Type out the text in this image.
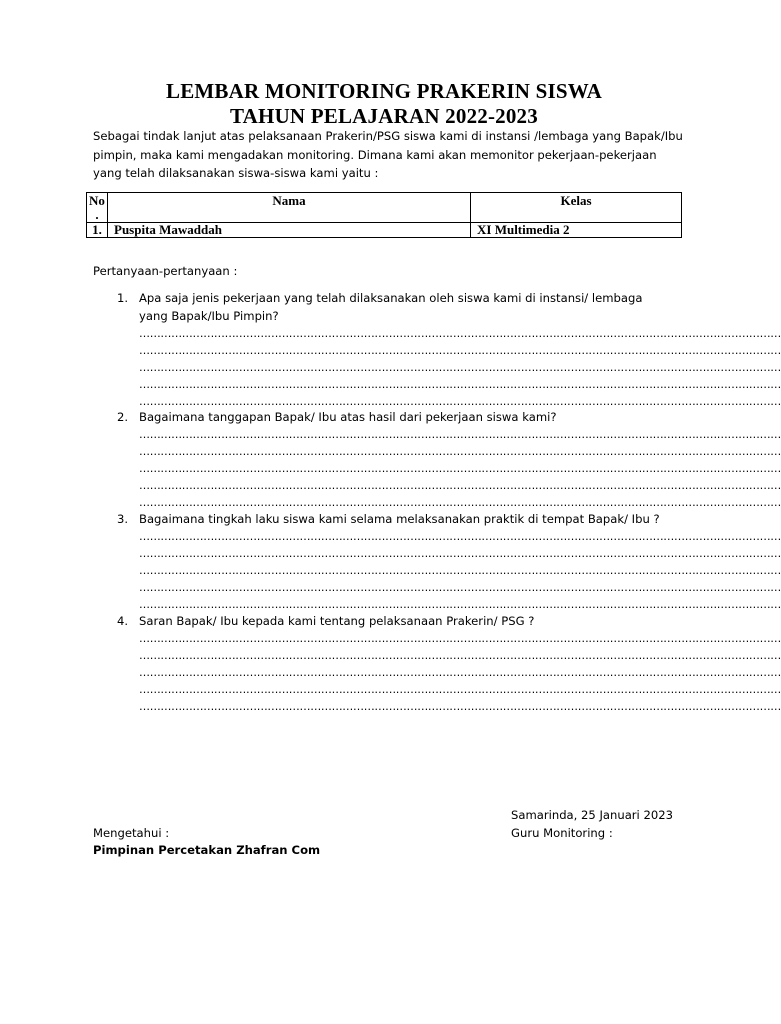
LEMBAR MONITORING PRAKERIN SISWA
TAHUN PELAJARAN 2022-2023
Sebagai tindak lanjut atas pelaksanaan Prakerin/PSG siswa kami di instansi /lembaga yang Bapak/Ibu pimpin, maka kami mengadakan monitoring. Dimana kami akan memonitor pekerjaan-pekerjaan yang telah dilaksanakan siswa-siswa kami yaitu :
No .	Nama	Kelas
1.	Puspita Mawaddah	XI Multimedia 2
Pertanyaan-pertanyaan :
1. Apa saja jenis pekerjaan yang telah dilaksanakan oleh siswa kami di instansi/ lembaga yang Bapak/Ibu Pimpin?
………………………………………………………………………………………………………………………………………………………………
………………………………………………………………………………………………………………………………………………………………
………………………………………………………………………………………………………………………………………………………………
………………………………………………………………………………………………………………………………………………………………
………………………………………………………………………………………………………………………………………………………………
2. Bagaimana tanggapan Bapak/ Ibu atas hasil dari pekerjaan siswa kami?
………………………………………………………………………………………………………………………………………………………………
………………………………………………………………………………………………………………………………………………………………
………………………………………………………………………………………………………………………………………………………………
………………………………………………………………………………………………………………………………………………………………
………………………………………………………………………………………………………………………………………………………………
3. Bagaimana tingkah laku siswa kami selama melaksanakan praktik di tempat Bapak/ Ibu ?
………………………………………………………………………………………………………………………………………………………………
………………………………………………………………………………………………………………………………………………………………
………………………………………………………………………………………………………………………………………………………………
………………………………………………………………………………………………………………………………………………………………
………………………………………………………………………………………………………………………………………………………………
4. Saran Bapak/ Ibu kepada kami tentang pelaksanaan Prakerin/ PSG ?
………………………………………………………………………………………………………………………………………………………………
………………………………………………………………………………………………………………………………………………………………
………………………………………………………………………………………………………………………………………………………………
………………………………………………………………………………………………………………………………………………………………
………………………………………………………………………………………………………………………………………………………………
Samarinda, 25 Januari 2023
Guru Monitoring :
Mengetahui :
Pimpinan Percetakan Zhafran Com
